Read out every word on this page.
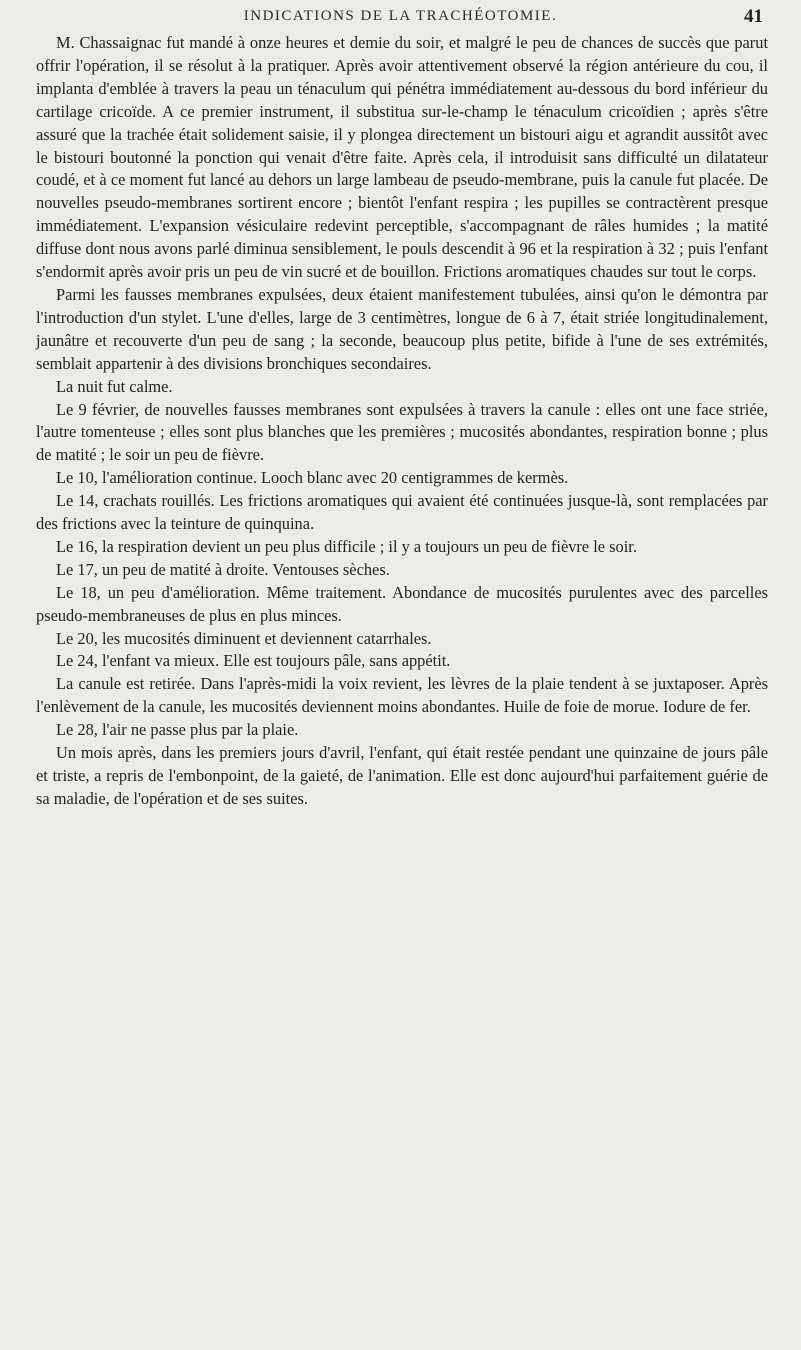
INDICATIONS DE LA TRACHÉOTOMIE.	41

M. Chassaignac fut mandé à onze heures et demie du soir, et malgré le peu de chances de succès que parut offrir l'opération, il se résolut à la pratiquer. Après avoir attentivement observé la région antérieure du cou, il implanta d'emblée à travers la peau un ténaculum qui pénétra immédiatement au-dessous du bord inférieur du cartilage cricoïde. A ce premier instrument, il substitua sur-le-champ le ténaculum cricoïdien ; après s'être assuré que la trachée était solidement saisie, il y plongea directement un bistouri aigu et agrandit aussitôt avec le bistouri boutonné la ponction qui venait d'être faite. Après cela, il introduisit sans difficulté un dilatateur coudé, et à ce moment fut lancé au dehors un large lambeau de pseudo-membrane, puis la canule fut placée. De nouvelles pseudo-membranes sortirent encore ; bientôt l'enfant respira ; les pupilles se contractèrent presque immédiatement. L'expansion vésiculaire redevint perceptible, s'accompagnant de râles humides ; la matité diffuse dont nous avons parlé diminua sensiblement, le pouls descendit à 96 et la respiration à 32 ; puis l'enfant s'endormit après avoir pris un peu de vin sucré et de bouillon. Frictions aromatiques chaudes sur tout le corps.

Parmi les fausses membranes expulsées, deux étaient manifestement tubulées, ainsi qu'on le démontra par l'introduction d'un stylet. L'une d'elles, large de 3 centimètres, longue de 6 à 7, était striée longitudinalement, jaunâtre et recouverte d'un peu de sang ; la seconde, beaucoup plus petite, bifide à l'une de ses extrémités, semblait appartenir à des divisions bronchiques secondaires.

La nuit fut calme.

Le 9 février, de nouvelles fausses membranes sont expulsées à travers la canule : elles ont une face striée, l'autre tomenteuse ; elles sont plus blanches que les premières ; mucosités abondantes, respiration bonne ; plus de matité ; le soir un peu de fièvre.

Le 10, l'amélioration continue. Looch blanc avec 20 centigrammes de kermès.

Le 14, crachats rouillés. Les frictions aromatiques qui avaient été continuées jusque-là, sont remplacées par des frictions avec la teinture de quinquina.

Le 16, la respiration devient un peu plus difficile ; il y a toujours un peu de fièvre le soir.

Le 17, un peu de matité à droite. Ventouses sèches.

Le 18, un peu d'amélioration. Même traitement. Abondance de mucosités purulentes avec des parcelles pseudo-membraneuses de plus en plus minces.

Le 20, les mucosités diminuent et deviennent catarrhales.

Le 24, l'enfant va mieux. Elle est toujours pâle, sans appétit.

La canule est retirée. Dans l'après-midi la voix revient, les lèvres de la plaie tendent à se juxtaposer. Après l'enlèvement de la canule, les mucosités deviennent moins abondantes. Huile de foie de morue. Iodure de fer.

Le 28, l'air ne passe plus par la plaie.

Un mois après, dans les premiers jours d'avril, l'enfant, qui était restée pendant une quinzaine de jours pâle et triste, a repris de l'embonpoint, de la gaieté, de l'animation. Elle est donc aujourd'hui parfaitement guérie de sa maladie, de l'opération et de ses suites.
